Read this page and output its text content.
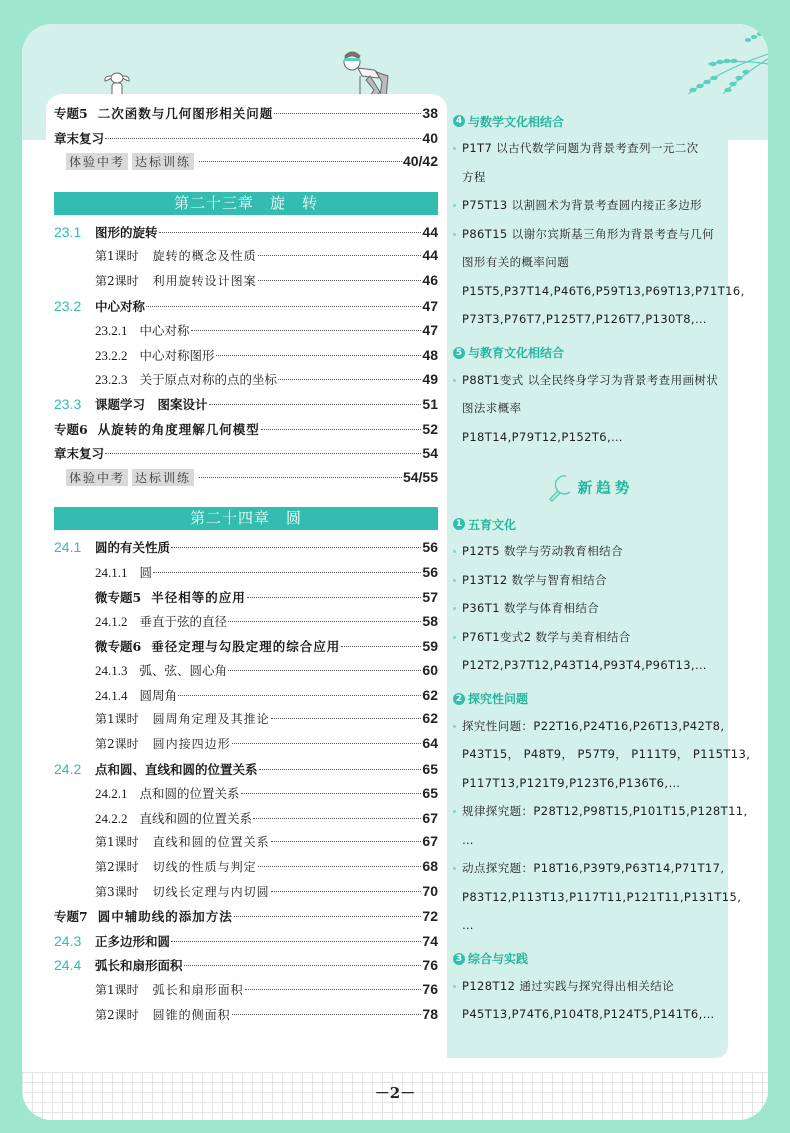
专题5 二次函数与几何图形相关问题	38
章末复习	40
体验中考 达标训练	40/42
第二十三章　旋　转
23.1	图形的旋转	44
第1课时 旋转的概念及性质	44
第2课时 利用旋转设计图案	46
23.2	中心对称	47
23.2.1 中心对称	47
23.2.2 中心对称图形	48
23.2.3 关于原点对称的点的坐标	49
23.3	课题学习　图案设计	51
专题6 从旋转的角度理解几何模型	52
章末复习	54
体验中考 达标训练	54/55
第二十四章　圆
24.1	圆的有关性质	56
24.1.1 圆	56
微专题5 半径相等的应用	57
24.1.2 垂直于弦的直径	58
微专题6 垂径定理与勾股定理的综合应用	59
24.1.3 弧、弦、圆心角	60
24.1.4 圆周角	62
第1课时 圆周角定理及其推论	62
第2课时 圆内接四边形	64
24.2	点和圆、直线和圆的位置关系	65
24.2.1 点和圆的位置关系	65
24.2.2 直线和圆的位置关系	67
第1课时 直线和圆的位置关系	67
第2课时 切线的性质与判定	68
第3课时 切线长定理与内切圆	70
专题7 圆中辅助线的添加方法	72
24.3	正多边形和圆	74
24.4	弧长和扇形面积	76
第1课时 弧长和扇形面积	76
第2课时 圆锥的侧面积	78
4 与数学文化相结合
P1T7 以古代数学问题为背景考查列一元二次
方程
P75T13 以割圆术为背景考查圆内接正多边形
P86T15 以谢尔宾斯基三角形为背景考查与几何
图形有关的概率问题
P15T5,P37T14,P46T6,P59T13,P69T13,P71T16,
P73T3,P76T7,P125T7,P126T7,P130T8,…
5 与教育文化相结合
P88T1变式 以全民终身学习为背景考查用画树状
图法求概率
P18T14,P79T12,P152T6,…
新趋势
1 五育文化
P12T5 数学与劳动教育相结合
P13T12 数学与智育相结合
P36T1 数学与体育相结合
P76T1变式2 数学与美育相结合
P12T2,P37T12,P43T14,P93T4,P96T13,…
2 探究性问题
探究性问题：P22T16,P24T16,P26T13,P42T8,
P43T15， P48T9， P57T9， P111T9， P115T13,
P117T13,P121T9,P123T6,P136T6,…
规律探究题：P28T12,P98T15,P101T15,P128T11,
…
动点探究题：P18T16,P39T9,P63T14,P71T17,
P83T12,P113T13,P117T11,P121T11,P131T15,
…
3 综合与实践
P128T12 通过实践与探究得出相关结论
P45T13,P74T6,P104T8,P124T5,P141T6,…
－2－
